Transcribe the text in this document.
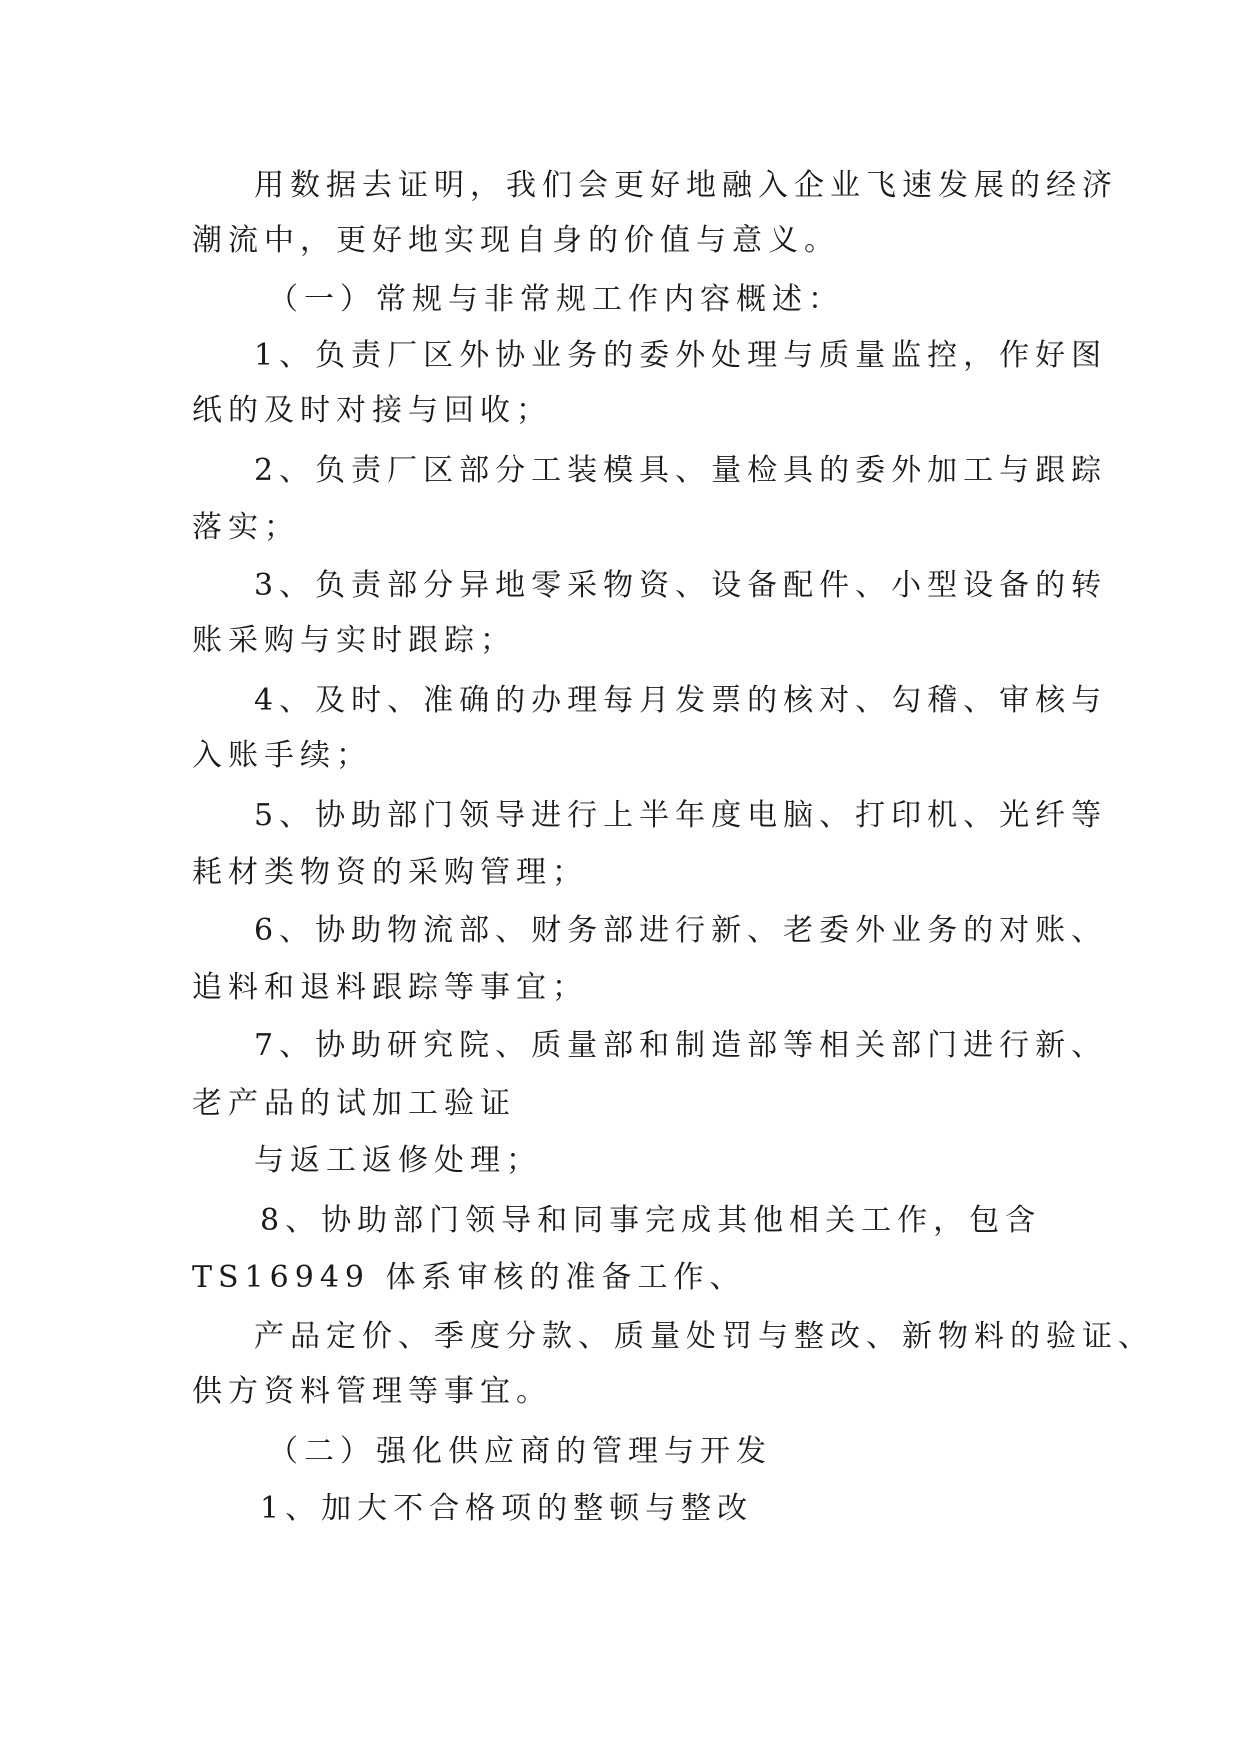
用数据去证明，我们会更好地融入企业飞速发展的经济
潮流中，更好地实现自身的价值与意义。
（一）常规与非常规工作内容概述：
1、负责厂区外协业务的委外处理与质量监控，作好图
纸的及时对接与回收；
2、负责厂区部分工装模具、量检具的委外加工与跟踪
落实；
3、负责部分异地零采物资、设备配件、小型设备的转
账采购与实时跟踪；
4、及时、准确的办理每月发票的核对、勾稽、审核与
入账手续；
5、协助部门领导进行上半年度电脑、打印机、光纤等
耗材类物资的采购管理；
6、协助物流部、财务部进行新、老委外业务的对账、
追料和退料跟踪等事宜；
7、协助研究院、质量部和制造部等相关部门进行新、
老产品的试加工验证
与返工返修处理；
8、协助部门领导和同事完成其他相关工作，包含
TS16949 体系审核的准备工作、
产品定价、季度分款、质量处罚与整改、新物料的验证、
供方资料管理等事宜。
（二）强化供应商的管理与开发
1、加大不合格项的整顿与整改
